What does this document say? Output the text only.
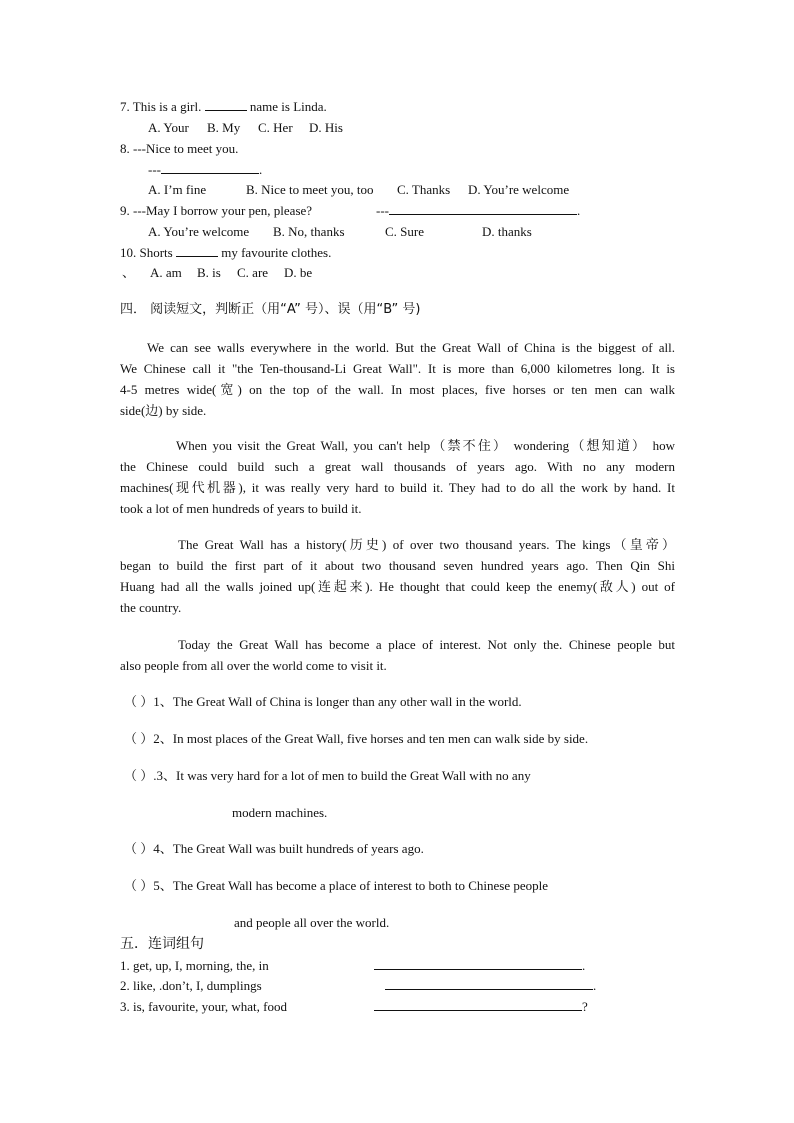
7. This is a girl.	name is Linda.
A. Your B. My C. Her D. His
8. ---Nice to meet you.
---	.
A. I’m fine	B. Nice to meet you, too C. Thanks D. You’re welcome
9. ---May I borrow your pen, please?	---	.
A. You’re welcome B. No, thanks	C. Sure	D. thanks
10. Shorts	my favourite clothes.
、 A. am B. is C. are D. be
四． 阅读短文，判断正（用“A” 号）、误（用“B” 号)
We can see walls everywhere in the world. But the Great Wall of China is the biggest of all.
We Chinese call it "the Ten-thousand-Li Great Wall". It is more than 6,000 kilometres long. It is
4-5 metres wide(宽) on the top of the wall. In most places, five horses or ten men can walk
side(边) by side.
When you visit the Great Wall, you can't help（禁不住） wondering（想知道） how
the Chinese could build such a great wall thousands of years ago. With no any modern
machines(现代机器), it was really very hard to build it. They had to do all the work by hand. It
took a lot of men hundreds of years to build it.
The Great Wall has a history(历史) of over two thousand years. The kings（皇帝）
began to build the first part of it about two thousand seven hundred years ago. Then Qin Shi
Huang had all the walls joined up(连起来). He thought that could keep the enemy(敌人) out of
the country.
Today the Great Wall has become a place of interest. Not only the. Chinese people but
also people from all over the world come to visit it.
（ ）1、The Great Wall of China is longer than any other wall in the world.
（ ）2、In most places of the Great Wall, five horses and ten men can walk side by side.
（ ）.3、It was very hard for a lot of men to build the Great Wall with no any
modern machines.
（ ）4、The Great Wall was built hundreds of years ago.
（ ）5、The Great Wall has become a place of interest to both to Chinese people
and people all over the world.
五．连词组句
1. get, up, I, morning, the, in	.
2. like, .don’t, I, dumplings	.
3. is, favourite, your, what, food	?
